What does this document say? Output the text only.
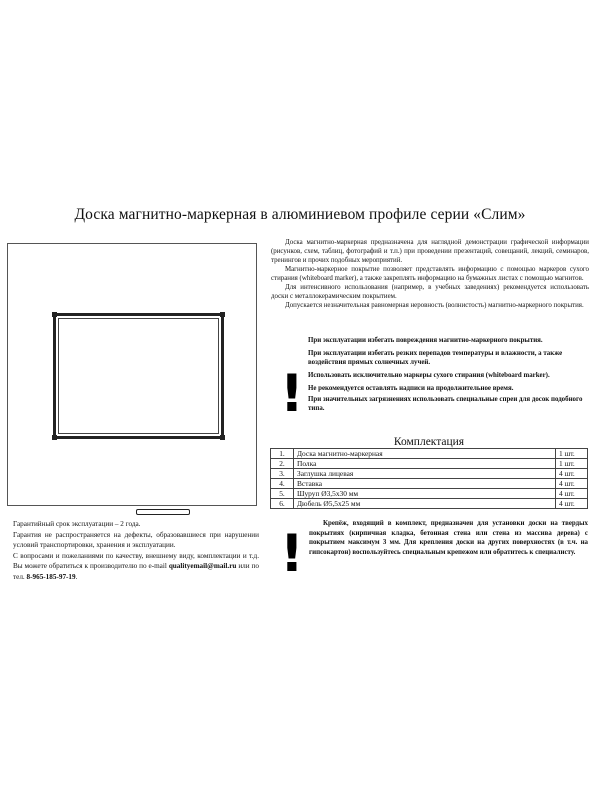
Доска магнитно-маркерная в алюминиевом профиле серии «Слим»

Доска магнитно-маркерная предназначена для наглядной демонстрации графической информации (рисунков, схем, таблиц, фотографий и т.п.) при проведении презентаций, совещаний, лекций, семинаров, тренингов и прочих подобных мероприятий.

Магнитно-маркерное покрытие позволяет представлять информацию с помощью маркеров сухого стирания (whiteboard marker), а также закреплять информацию на бумажных листах с помощью магнитов.

Для интенсивного использования (например, в учебных заведениях) рекомендуется использовать доски с металлокерамическим покрытием.

Допускается незначительная равномерная неровность (волнистость) магнитно-маркерного покрытия.

!

При эксплуатации избегать повреждения магнитно-маркерного покрытия.

При эксплуатации избегать резких перепадов температуры и влажности, а также воздействия прямых солнечных лучей.

Использовать исключительно маркеры сухого стирания (whiteboard marker).

Не рекомендуется оставлять надписи на продолжительное время.

При значительных загрязнениях использовать специальные спреи для досок подобного типа.

Комплектация
1.	Доска магнитно-маркерная	1 шт.
2.	Полка	1 шт.
3.	Заглушка лицевая	4 шт.
4.	Вставка	4 шт.
5.	Шуруп Ø3,5х30 мм	4 шт.
6.	Дюбель Ø5,5х25 мм	4 шт.

Гарантийный срок эксплуатации – 2 года.

Гарантия не распространяется на дефекты, образовавшиеся при нарушении условий транспортировки, хранения и эксплуатации.

С вопросами и пожеланиями по качеству, внешнему виду, комплектации и т.д. Вы можете обратиться к производителю по e-mail qualityemail@mail.ru или по тел. 8-965-185-97-19.	!

Крепёж, входящий в комплект, предназначен для установки доски на твердых покрытиях (кирпичная кладка, бетонная стена или стена из массива дерева) с покрытием максимум 3 мм. Для крепления доски на других поверхностях (в т.ч. на гипсокартон) воспользуйтесь специальным крепежом или обратитесь к специалисту.
